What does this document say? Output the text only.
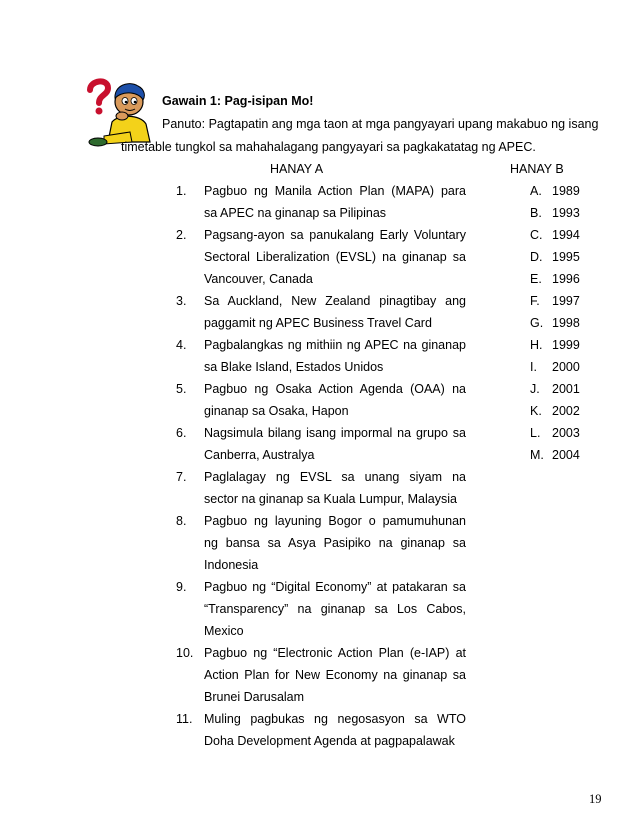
Gawain 1: Pag-isipan Mo!
Panuto: Pagtapatin ang mga taon at mga pangyayari upang makabuo ng isang
timetable tungkol sa mahahalagang pangyayari sa pagkakatatag ng APEC.
HANAY A	HANAY B
1.	Pagbuo ng Manila Action Plan (MAPA) para
sa APEC na ginanap sa Pilipinas
2.	Pagsang-ayon sa panukalang Early Voluntary
Sectoral Liberalization (EVSL) na ginanap sa
Vancouver, Canada
3.	Sa Auckland, New Zealand pinagtibay ang
paggamit ng APEC Business Travel Card
4.	Pagbalangkas ng mithiin ng APEC na ginanap
sa Blake Island, Estados Unidos
5.	Pagbuo ng Osaka Action Agenda (OAA) na
ginanap sa Osaka, Hapon
6.	Nagsimula bilang isang impormal na grupo sa
Canberra, Australya
7.	Paglalagay ng EVSL sa unang siyam na
sector na ginanap sa Kuala Lumpur, Malaysia
8.	Pagbuo ng layuning Bogor o pamumuhunan
ng bansa sa Asya Pasipiko na ginanap sa
Indonesia
9.	Pagbuo ng “Digital Economy” at patakaran sa
“Transparency” na ginanap sa Los Cabos,
Mexico
10. Pagbuo ng “Electronic Action Plan (e-IAP) at
Action Plan for New Economy na ginanap sa
Brunei Darusalam
11. Muling pagbukas ng negosasyon sa WTO
Doha Development Agenda at pagpapalawak
A. 1989
B. 1993
C. 1994
D. 1995
E. 1996
F. 1997
G. 1998
H. 1999
I.	2000
J. 2001
K. 2002
L. 2003
M. 2004
19
